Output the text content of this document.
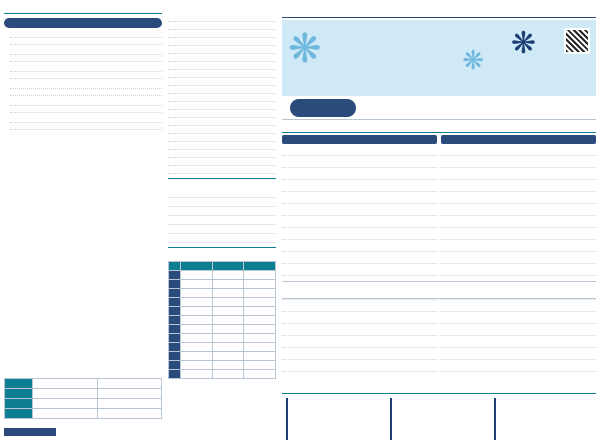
❋	❋
❋
